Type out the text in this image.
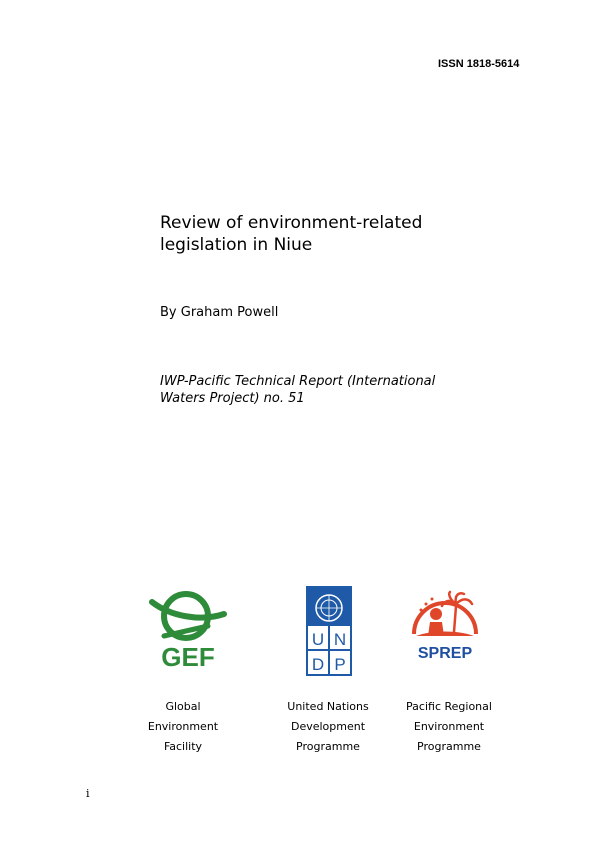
ISSN 1818-5614
Review of environment-related
legislation in Niue
By Graham Powell
IWP-Pacific Technical Report (International
Waters Project) no. 51
GEF
U N
D P
SPREP
Global
Environment
Facility
United Nations
Development
Programme
Pacific Regional
Environment
Programme
i
